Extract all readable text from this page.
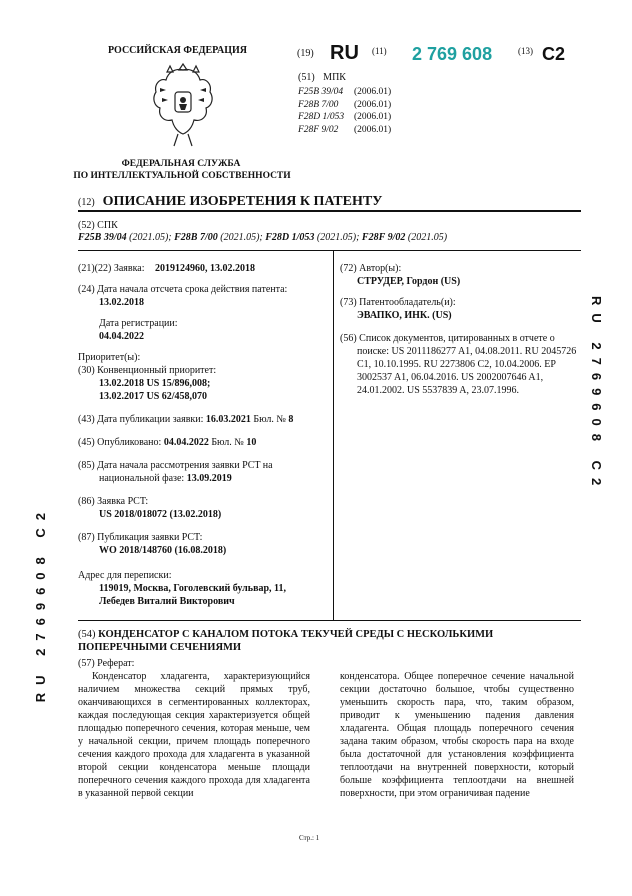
РОССИЙСКАЯ ФЕДЕРАЦИЯ
ФЕДЕРАЛЬНАЯ СЛУЖБА
ПО ИНТЕЛЛЕКТУАЛЬНОЙ СОБСТВЕННОСТИ
(19) RU (11) 2 769 608	(13) C2
(51) МПК
F25B 39/04 (2006.01)
F28B 7/00 (2006.01)
F28D 1/053 (2006.01)
F28F 9/02 (2006.01)
(12) ОПИСАНИЕ ИЗОБРЕТЕНИЯ К ПАТЕНТУ
(52) СПК
F25B 39/04 (2021.05); F28B 7/00 (2021.05); F28D 1/053 (2021.05); F28F 9/02 (2021.05)
(21)(22) Заявка: 2019124960, 13.02.2018
(24) Дата начала отсчета срока действия патента:
13.02.2018
Дата регистрации:
04.04.2022
Приоритет(ы):
(30) Конвенционный приоритет:
13.02.2018 US 15/896,008;
13.02.2017 US 62/458,070
(43) Дата публикации заявки: 16.03.2021 Бюл. № 8
(45) Опубликовано: 04.04.2022 Бюл. № 10
(85) Дата начала рассмотрения заявки PCT на национальной фазе: 13.09.2019
(86) Заявка PCT:
US 2018/018072 (13.02.2018)
(87) Публикация заявки PCT:
WO 2018/148760 (16.08.2018)
Адрес для переписки:
119019, Москва, Гоголевский бульвар, 11,
Лебедев Виталий Викторович
(72) Автор(ы):
СТРУДЕР, Гордон (US)
(73) Патентообладатель(и):
ЭВАПКО, ИНК. (US)
(56) Список документов, цитированных в отчете о поиске: US 2011186277 A1, 04.08.2011. RU 2045726 C1, 10.10.1995. RU 2273806 C2, 10.04.2006. EP 3002537 A1, 06.04.2016. US 2002007646 A1, 24.01.2002. US 5537839 A, 23.07.1996.
(54) КОНДЕНСАТОР С КАНАЛОМ ПОТОКА ТЕКУЧЕЙ СРЕДЫ С НЕСКОЛЬКИМИ ПОПЕРЕЧНЫМИ СЕЧЕНИЯМИ
(57) Реферат:
Конденсатор хладагента, характеризующийся наличием множества секций прямых труб, оканчивающихся в сегментированных коллекторах, каждая последующая секция характеризуется общей площадью поперечного сечения, которая меньше, чем у начальной секции, причем площадь поперечного сечения каждого прохода для хладагента в указанной второй секции конденсатора меньше площади поперечного сечения каждого прохода для хладагента в указанной первой секции
конденсатора. Общее поперечное сечение начальной секции достаточно большое, чтобы существенно уменьшить скорость пара, что, таким образом, приводит к уменьшению падения давления хладагента. Общая площадь поперечного сечения задана таким образом, чтобы скорость пара на входе была достаточной для установления коэффициента теплоотдачи на внутренней поверхности, который больше коэффициента теплоотдачи на внешней поверхности, при этом ограничивая падение
Стр.: 1
RU 2769608 C2
RU 2769608 C2
